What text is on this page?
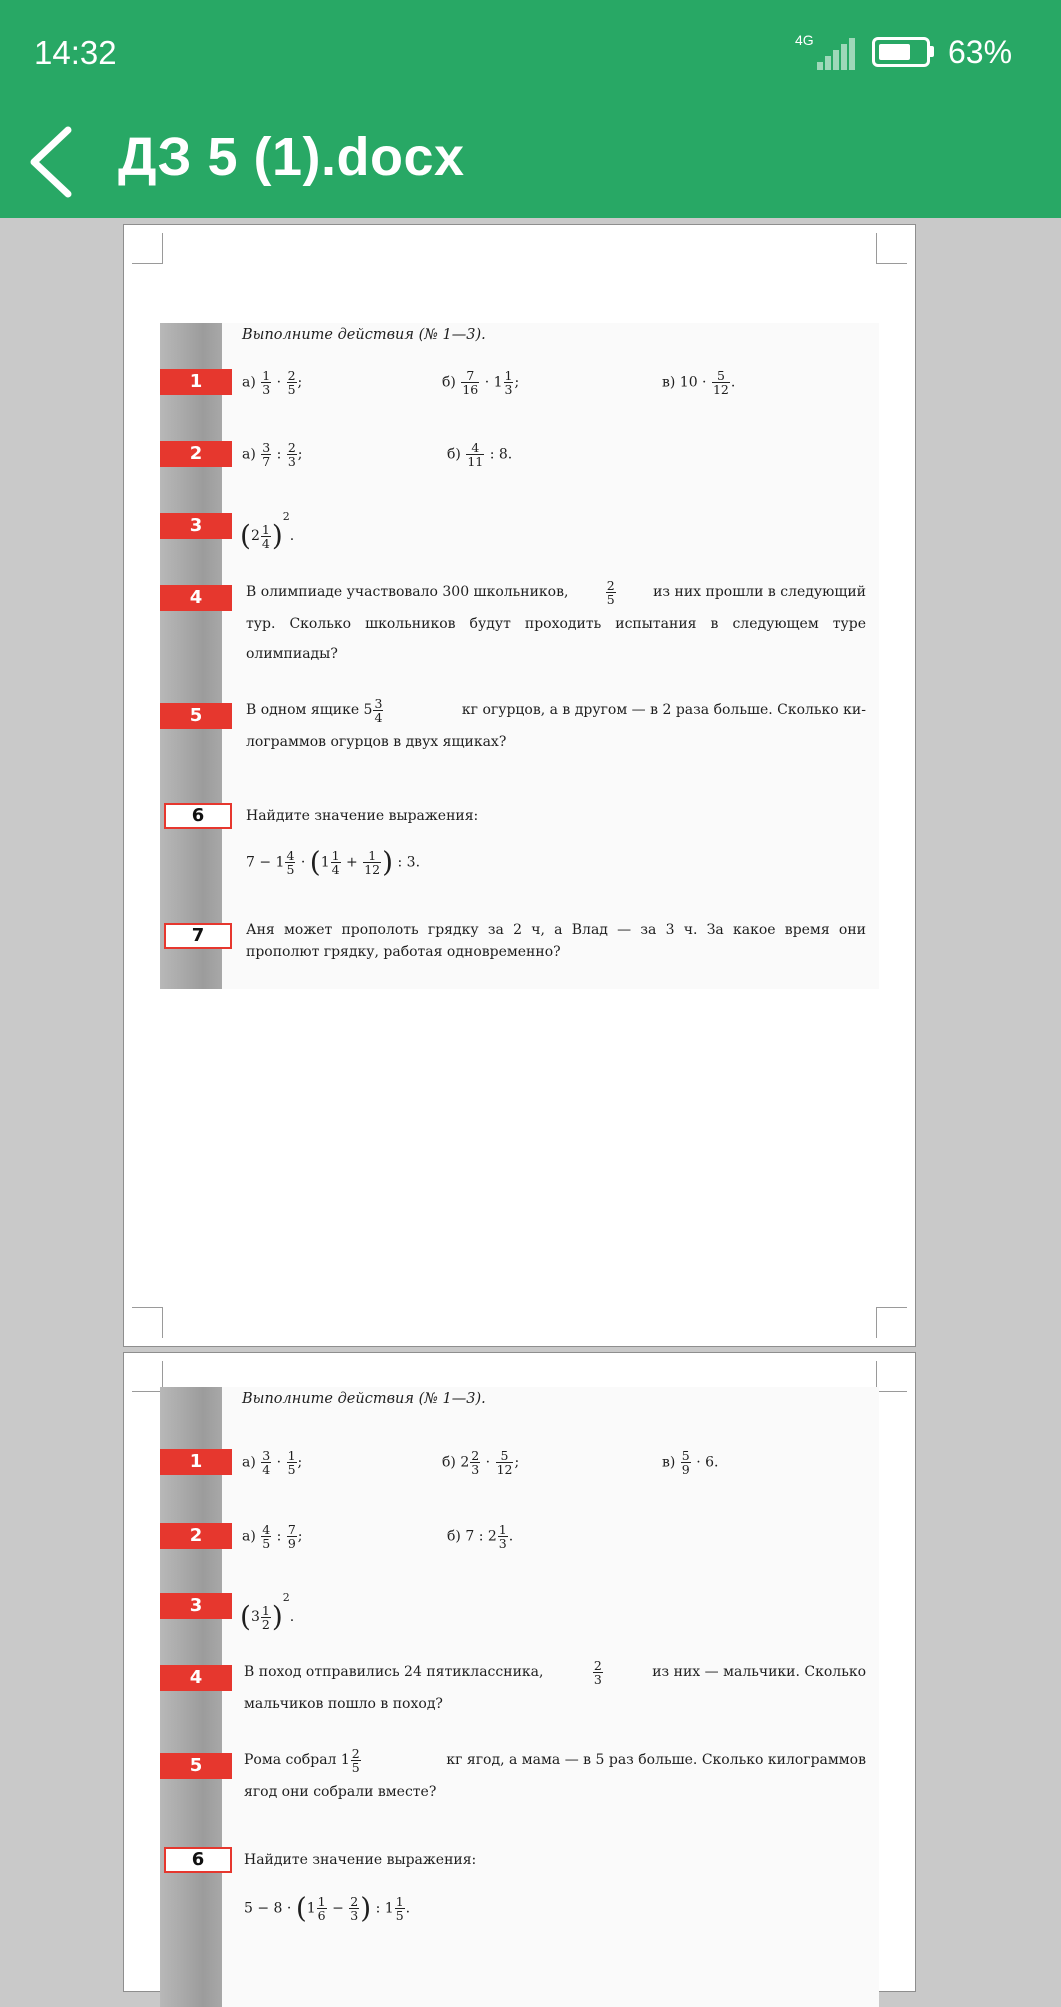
14:32	4G	63%
ДЗ 5 (1).docx
Выполните действия (№ 1—3).
1	$а) \frac{1}{3} \cdot \frac{2}{5}$ ;	$б) \frac{7}{16} \cdot 1 \frac{1}{3}$ ;	в) $10 \cdot \frac{5}{12}$ .
2	$а) \frac{3}{7}$ : $\frac{2}{3}$ ;	$б) \frac{4}{11}$ : 8.
3	$(2 \frac{1}{4} )^2$.
4	В олимпиаде участвовало 300 школьников,	$\frac{2}{5}$	из них прошли в следующий
тур. Сколько школьников будут проходить испытания в следующем туре
олимпиады?
5	В одном ящике $5 \frac{3}{4}$	кг огурцов, а в другом — в 2 раза больше. Сколько ки-
лограммов огурцов в двух ящиках?
6	Найдите значение выражения:
$7 - 1 \frac{4}{5} \cdot (1 \frac{1}{4} + \frac{1}{12}$ ) : 3.
7	Аня может прополоть грядку за 2 ч, а Влад — за 3 ч. За какое время они
прополют грядку, работая одновременно?
Выполните действия (№ 1—3).
1	$а) \frac{3}{4} \cdot \frac{1}{5}$ ;	б) $2 \frac{2}{3} \cdot \frac{5}{12}$ ;	$в) \frac{5}{9} \cdot 6$.
2	$а) \frac{4}{5}$ : $\frac{7}{9}$ ;	б) 7 : $2 \frac{1}{3}$ .
3	$(3 \frac{1}{2} )^2$.
4	В поход отправились 24 пятиклассника,	$\frac{2}{3}$	из них — мальчики. Сколько
мальчиков пошло в поход?
5	Рома собрал $1 \frac{2}{5}$	кг ягод, а мама — в 5 раз больше. Сколько килограммов
ягод они собрали вместе?
6	Найдите значение выражения:
$5 - 8 \cdot (1 \frac{1}{6} - \frac{2}{3}$ ) : $1 \frac{1}{5}$ .
